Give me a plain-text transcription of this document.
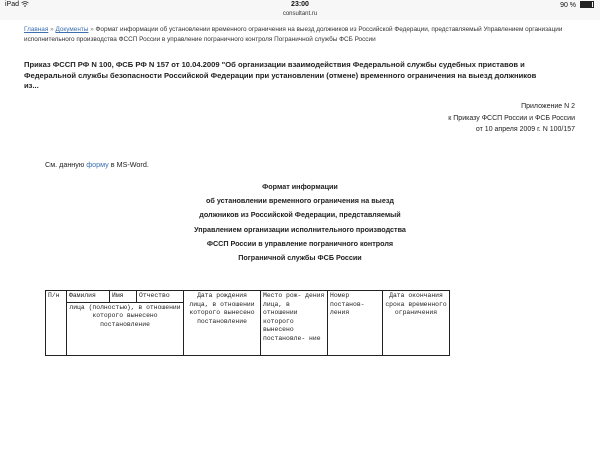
iPad	23:00	90 %
consultant.ru
Главная » Документы » Формат информации об установлении временного ограничения на выезд должников из Российской Федерации, представляемый Управлением организации исполнительного производства ФССП России в управление пограничного контроля Пограничной службы ФСБ России
Приказ ФССП РФ N 100, ФСБ РФ N 157 от 10.04.2009 "Об организации взаимодействия Федеральной службы судебных приставов и Федеральной службы безопасности Российской Федерации при установлении (отмене) временного ограничения на выезд должников из...
Приложение N 2
к Приказу ФССП России и ФСБ России
от 10 апреля 2009 г. N 100/157
См. данную форму в MS-Word.
Формат информации
об установлении временного ограничения на выезд
должников из Российской Федерации, представляемый
Управлением организации исполнительного производства
ФССП России в управление пограничного контроля
Пограничной службы ФСБ России
П/н	Фамилия	Имя	Отчество	Дата рождения лица, в отношении которого вынесено постановление	Место рож- дения лица, в отношении которого вынесено постановле- ние	Номер постанов- ления	Дата окончания срока временного ограничения
лица (полностью), в отношении которого вынесено постановление
